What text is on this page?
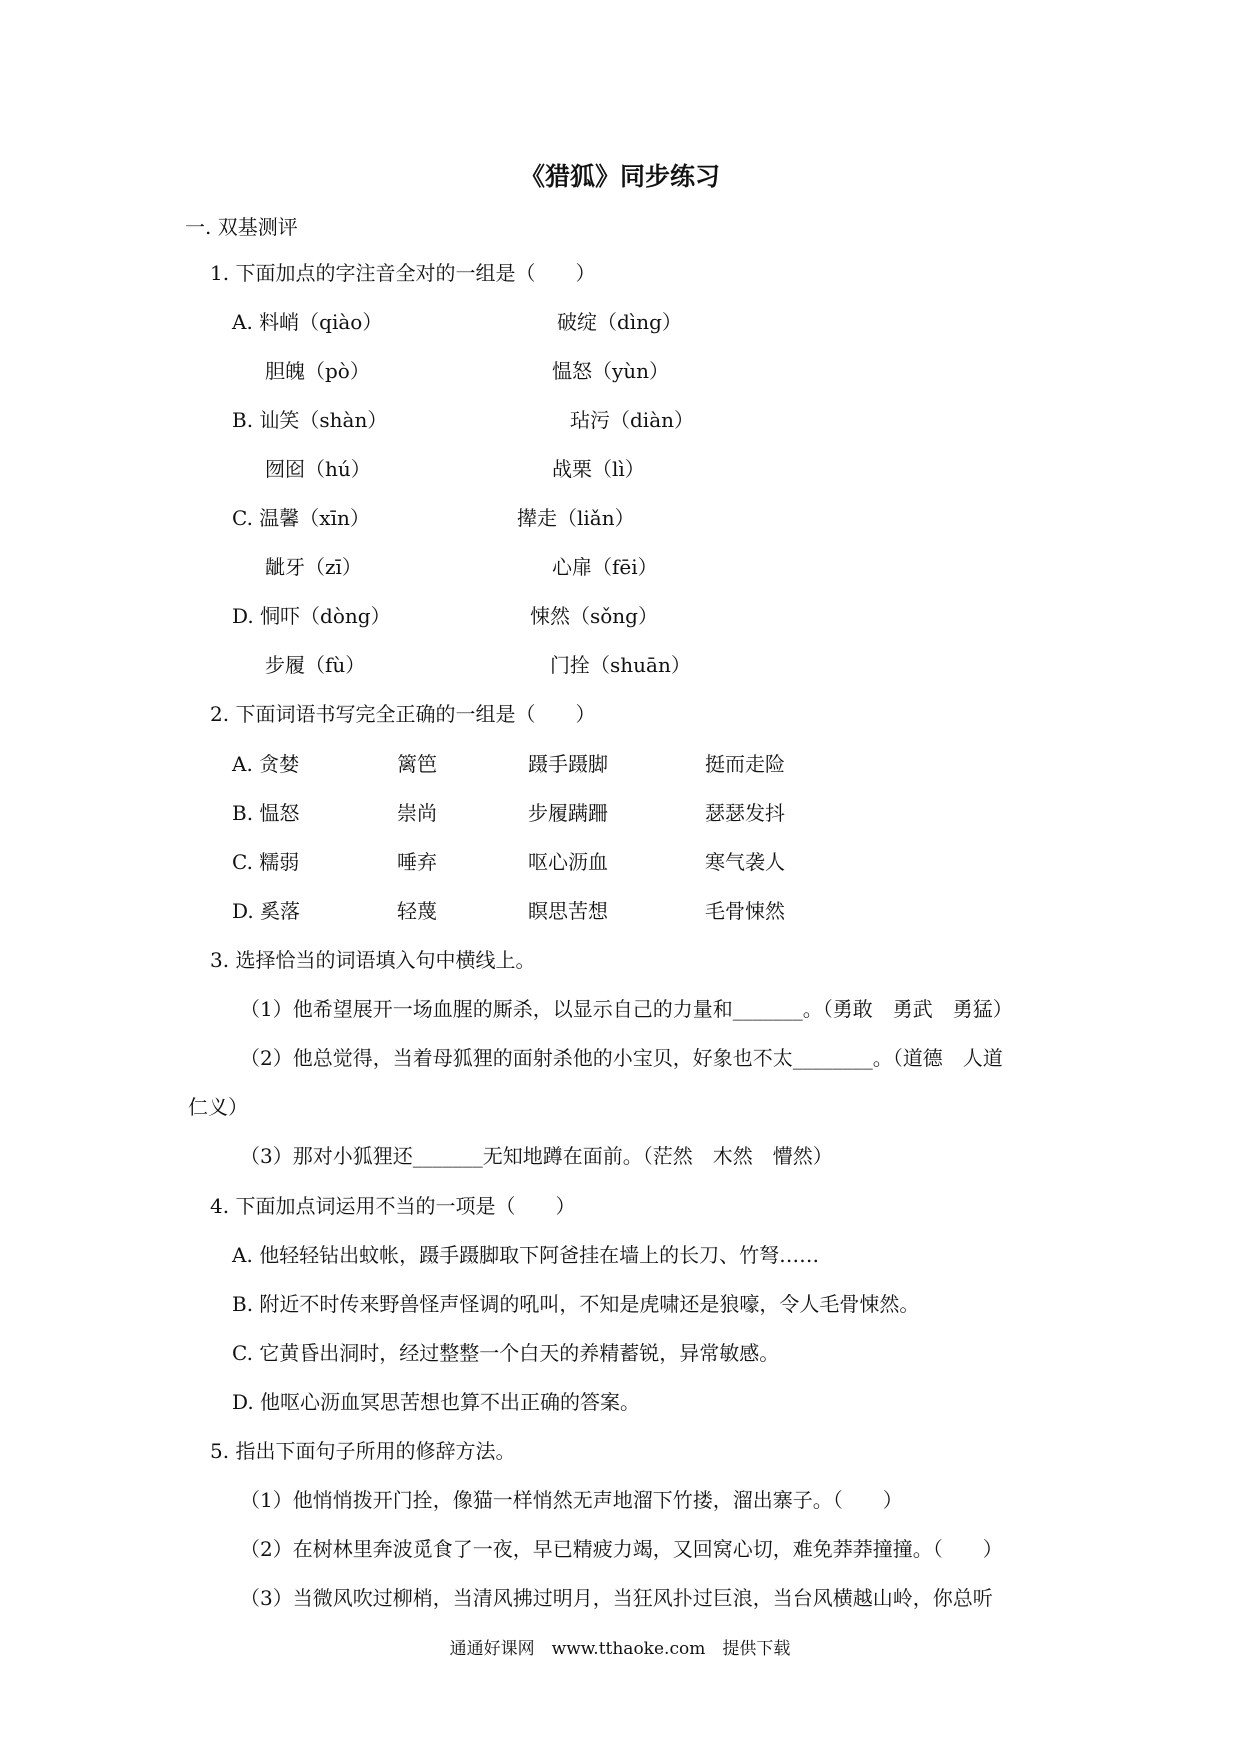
《猎狐》同步练习
一. 双基测评
1. 下面加点的字注音全对的一组是（　　）
A. 料峭（qiào）	破绽（dìng）
胆魄（pò）	愠怒（yùn）
B. 讪笑（shàn）	玷污（diàn）
囫囵（hú）	战栗（lì）
C. 温馨（xīn）	撵走（liǎn）
龇牙（zī）	心扉（fēi）
D. 恫吓（dòng）	悚然（sǒng）
步履（fù）	门拴（shuān）
2. 下面词语书写完全正确的一组是（　　）
A. 贪婪	篱笆	蹑手蹑脚	挺而走险
B. 愠怒	崇尚	步履蹒跚	瑟瑟发抖
C. 糯弱	唾弃	呕心沥血	寒气袭人
D. 奚落	轻蔑	瞑思苦想	毛骨悚然
3. 选择恰当的词语填入句中横线上。
（1）他希望展开一场血腥的厮杀，以显示自己的力量和_______。（勇敢　勇武　勇猛）
（2）他总觉得，当着母狐狸的面射杀他的小宝贝，好象也不太________。（道德　人道
仁义）
（3）那对小狐狸还_______无知地蹲在面前。（茫然　木然　懵然）
4. 下面加点词运用不当的一项是（　　）
A. 他轻轻钻出蚊帐，蹑手蹑脚取下阿爸挂在墙上的长刀、竹弩……
B. 附近不时传来野兽怪声怪调的吼叫，不知是虎啸还是狼嚎，令人毛骨悚然。
C. 它黄昏出洞时，经过整整一个白天的养精蓄锐，异常敏感。
D. 他呕心沥血冥思苦想也算不出正确的答案。
5. 指出下面句子所用的修辞方法。
（1）他悄悄拨开门拴，像猫一样悄然无声地溜下竹搂，溜出寨子。（　　）
（2）在树林里奔波觅食了一夜，早已精疲力竭，又回窝心切，难免莽莽撞撞。（　　）
（3）当微风吹过柳梢，当清风拂过明月，当狂风扑过巨浪，当台风横越山岭，你总听
通通好课网　www.tthaoke.com　提供下载
